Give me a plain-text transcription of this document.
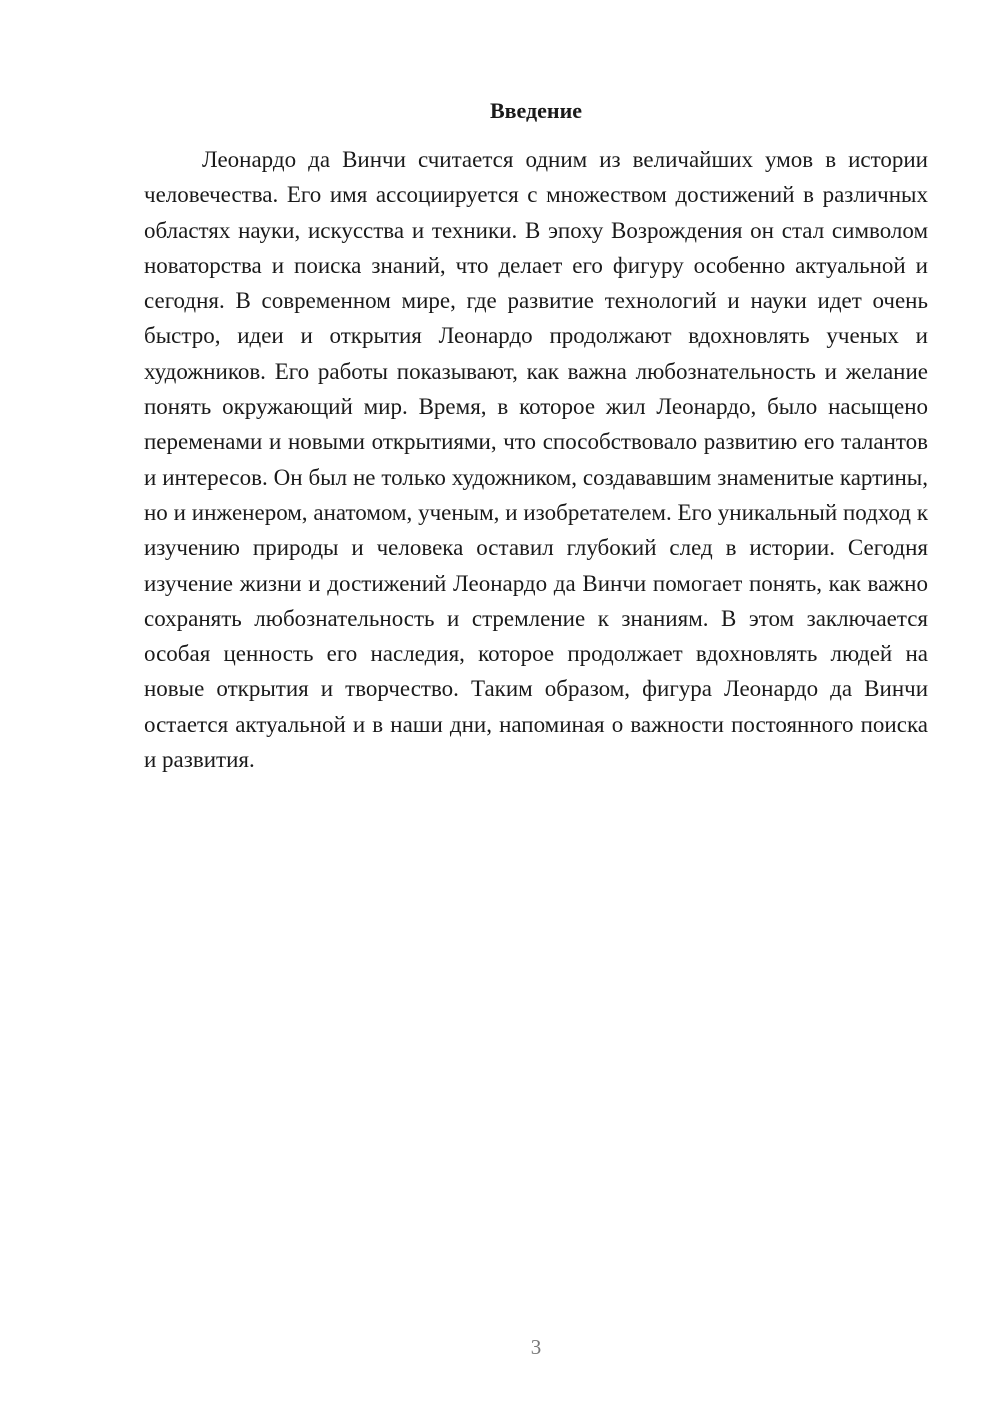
Введение

Леонардо да Винчи считается одним из величайших умов в истории человечества. Его имя ассоциируется с множеством достижений в различных областях науки, искусства и техники. В эпоху Возрождения он стал символом новаторства и поиска знаний, что делает его фигуру особенно актуальной и сегодня. В современном мире, где развитие технологий и науки идет очень быстро, идеи и открытия Леонардо продолжают вдохновлять ученых и художников. Его работы показывают, как важна любознательность и желание понять окружающий мир. Время, в которое жил Леонардо, было насыщено переменами и новыми открытиями, что способствовало развитию его талантов и интересов. Он был не только художником, создававшим знаменитые картины, но и инженером, анатомом, ученым, и изобретателем. Его уникальный подход к изучению природы и человека оставил глубокий след в истории. Сегодня изучение жизни и достижений Леонардо да Винчи помогает понять, как важно сохранять любознательность и стремление к знаниям. В этом заключается особая ценность его наследия, которое продолжает вдохновлять людей на новые открытия и творчество. Таким образом, фигура Леонардо да Винчи остается актуальной и в наши дни, напоминая о важности постоянного поиска и развития.

3
